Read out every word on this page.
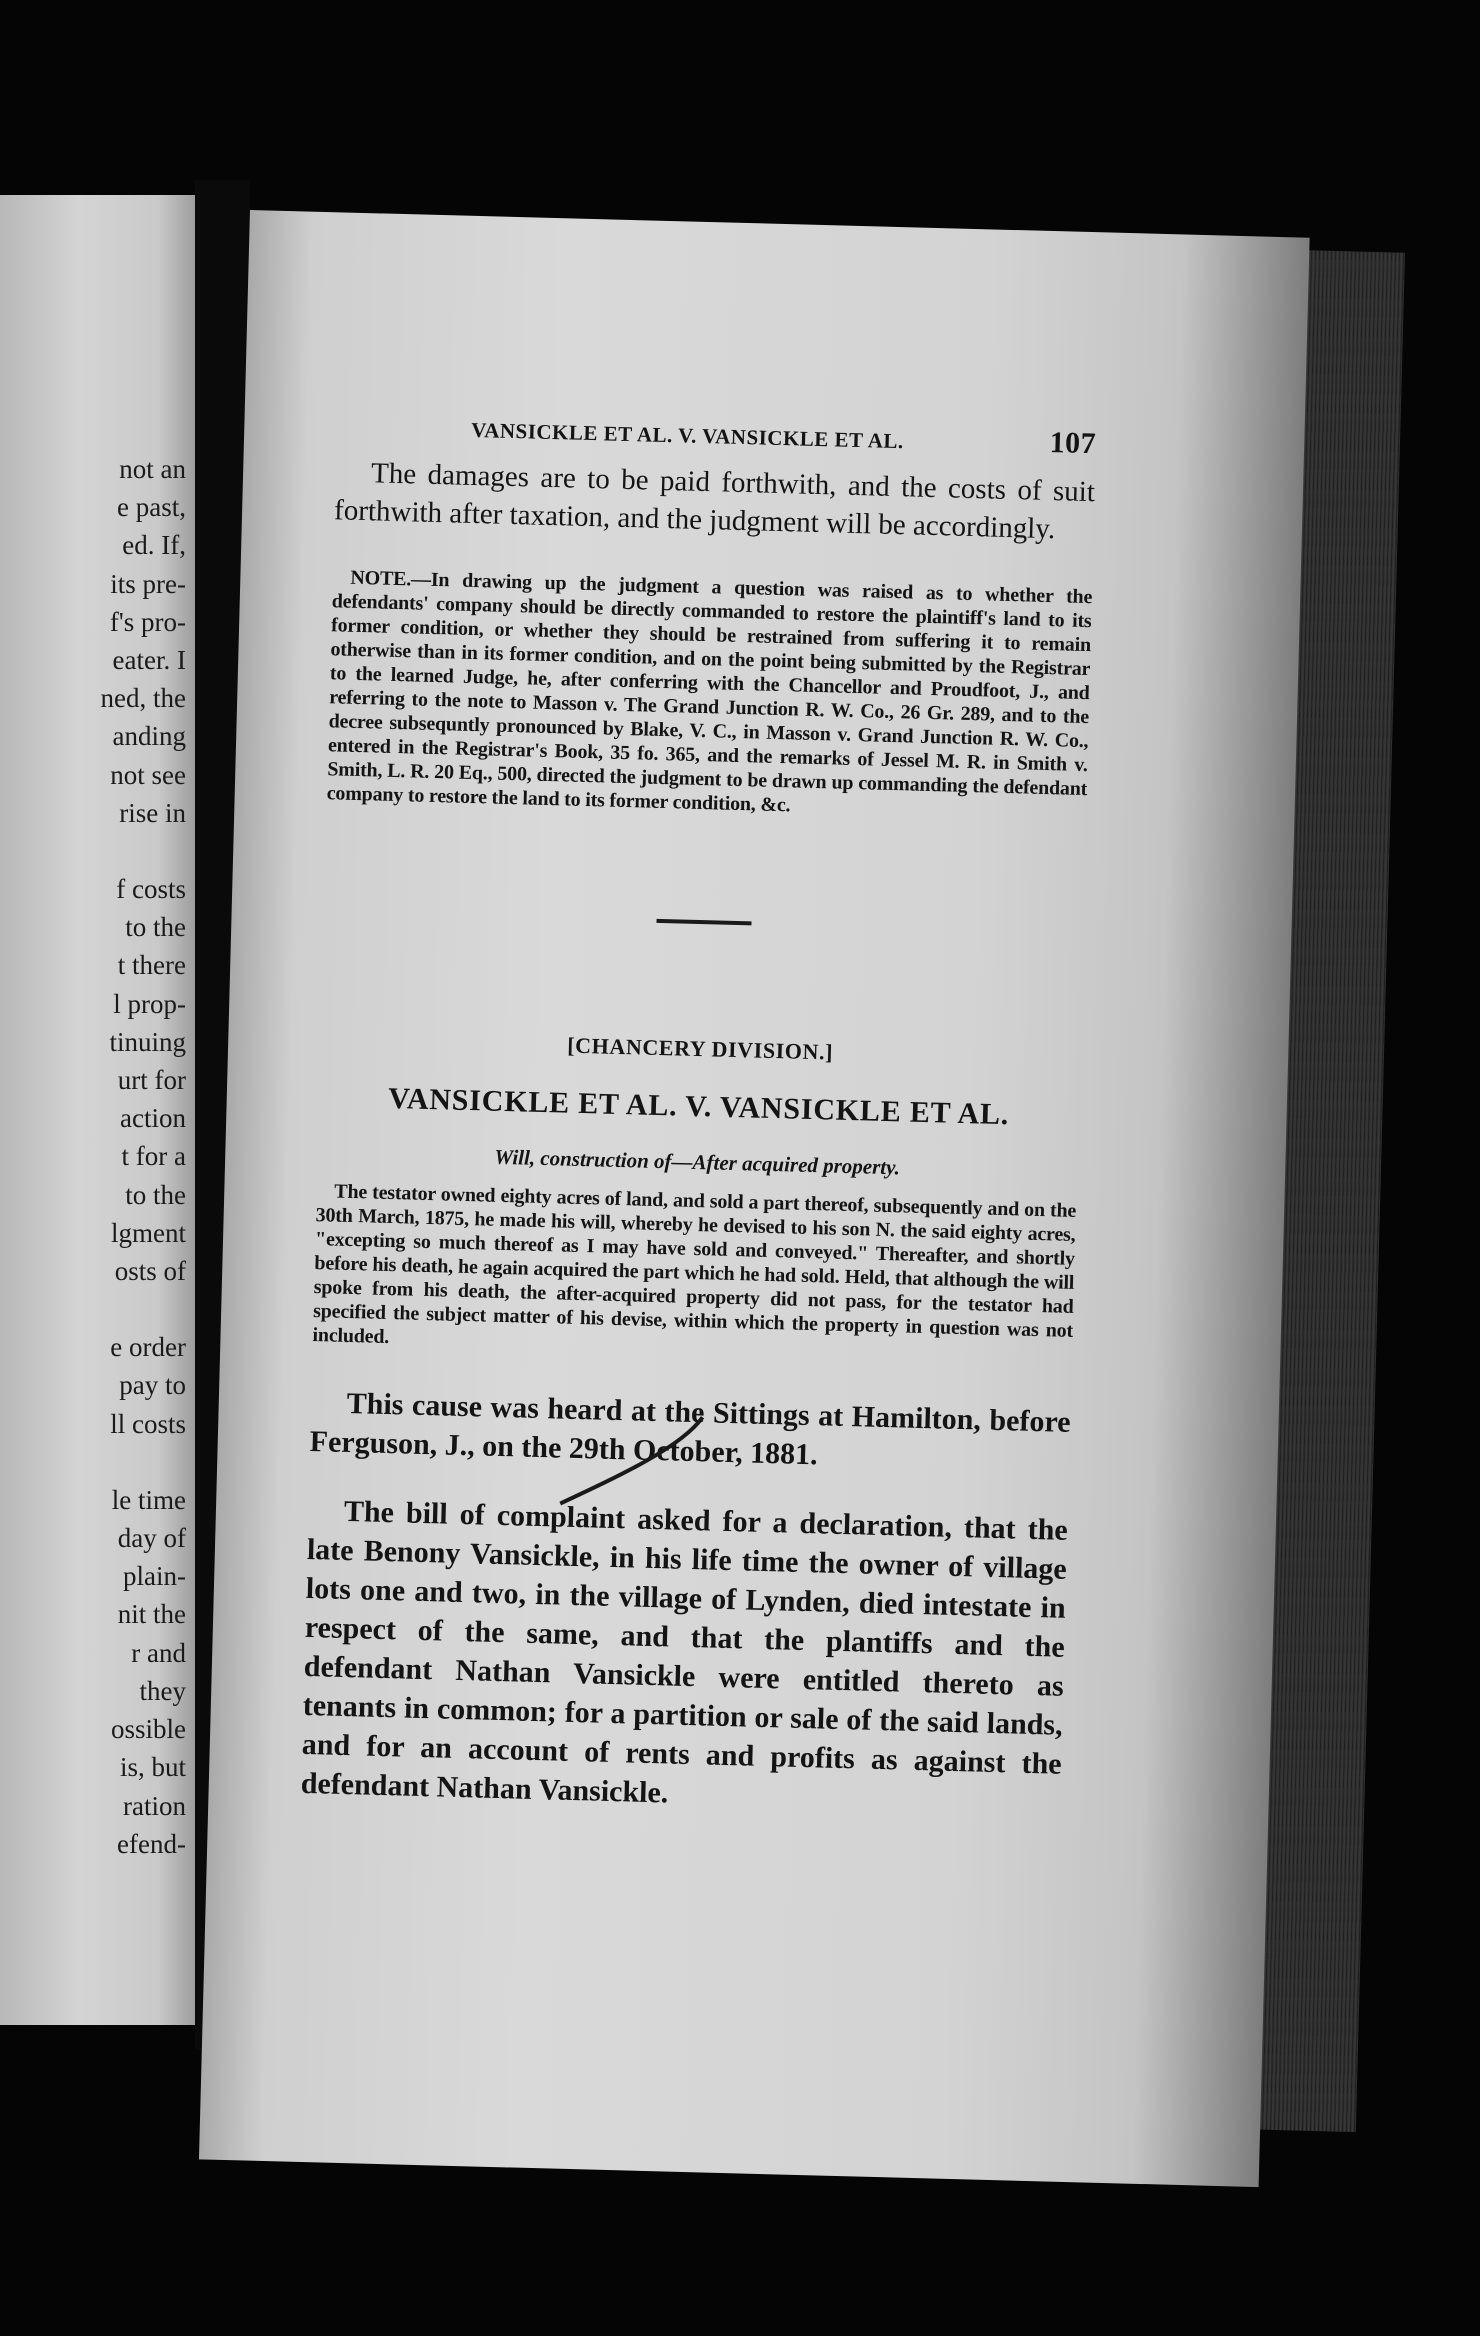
not an
e past,
ed. If,
its pre-
f's pro-
eater. I
ned, the
anding
not see
rise in
f costs
to the
t there
l prop-
tinuing
urt for
action
t for a
to the
lgment
osts of
e order
pay to
ll costs
le time
day of
plain-
nit the
r and
they
ossible
is, but
ration
efend-
VANSICKLE ET AL. V. VANSICKLE ET AL.	107

The damages are to be paid forthwith, and the costs of suit forthwith after taxation, and the judgment will be accordingly.

NOTE.—In drawing up the judgment a question was raised as to whether the defendants' company should be directly commanded to restore the plaintiff's land to its former condition, or whether they should be restrained from suffering it to remain otherwise than in its former condition, and on the point being submitted by the Registrar to the learned Judge, he, after conferring with the Chancellor and Proudfoot, J., and referring to the note to Masson v. The Grand Junction R. W. Co., 26 Gr. 289, and to the decree subsequntly pronounced by Blake, V. C., in Masson v. Grand Junction R. W. Co., entered in the Registrar's Book, 35 fo. 365, and the remarks of Jessel M. R. in Smith v. Smith, L. R. 20 Eq., 500, directed the judgment to be drawn up commanding the defendant company to restore the land to its former condition, &c.

[CHANCERY DIVISION.]
VANSICKLE ET AL. V. VANSICKLE ET AL.
Will, construction of—After acquired property.

The testator owned eighty acres of land, and sold a part thereof, subsequently and on the 30th March, 1875, he made his will, whereby he devised to his son N. the said eighty acres, "excepting so much thereof as I may have sold and conveyed." Thereafter, and shortly before his death, he again acquired the part which he had sold. Held, that although the will spoke from his death, the after-acquired property did not pass, for the testator had specified the subject matter of his devise, within which the property in question was not included.

This cause was heard at the Sittings at Hamilton, before Ferguson, J., on the 29th October, 1881.

The bill of complaint asked for a declaration, that the late Benony Vansickle, in his life time the owner of village lots one and two, in the village of Lynden, died intestate in respect of the same, and that the plantiffs and the defendant Nathan Vansickle were entitled thereto as tenants in common; for a partition or sale of the said lands, and for an account of rents and profits as against the defendant Nathan Vansickle.
